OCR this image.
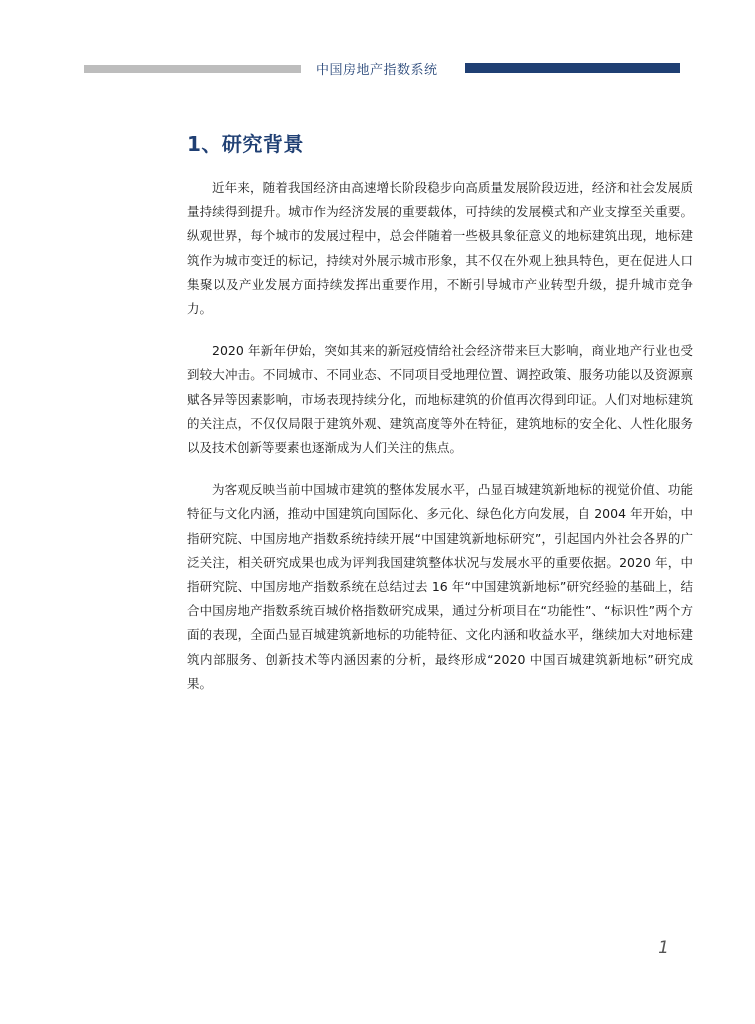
中国房地产指数系统
1、研究背景

近年来，随着我国经济由高速增长阶段稳步向高质量发展阶段迈进，经济和社会发展质量持续得到提升。城市作为经济发展的重要载体，可持续的发展模式和产业支撑至关重要。纵观世界，每个城市的发展过程中，总会伴随着一些极具象征意义的地标建筑出现，地标建筑作为城市变迁的标记，持续对外展示城市形象，其不仅在外观上独具特色，更在促进人口集聚以及产业发展方面持续发挥出重要作用，不断引导城市产业转型升级，提升城市竞争力。

2020 年新年伊始，突如其来的新冠疫情给社会经济带来巨大影响，商业地产行业也受到较大冲击。不同城市、不同业态、不同项目受地理位置、调控政策、服务功能以及资源禀赋各异等因素影响，市场表现持续分化，而地标建筑的价值再次得到印证。人们对地标建筑的关注点，不仅仅局限于建筑外观、建筑高度等外在特征，建筑地标的安全化、人性化服务以及技术创新等要素也逐渐成为人们关注的焦点。

为客观反映当前中国城市建筑的整体发展水平，凸显百城建筑新地标的视觉价值、功能特征与文化内涵，推动中国建筑向国际化、多元化、绿色化方向发展，自 2004 年开始，中指研究院、中国房地产指数系统持续开展“中国建筑新地标研究”，引起国内外社会各界的广泛关注，相关研究成果也成为评判我国建筑整体状况与发展水平的重要依据。2020 年，中指研究院、中国房地产指数系统在总结过去 16 年“中国建筑新地标”研究经验的基础上，结合中国房地产指数系统百城价格指数研究成果，通过分析项目在“功能性”、“标识性”两个方面的表现，全面凸显百城建筑新地标的功能特征、文化内涵和收益水平，继续加大对地标建筑内部服务、创新技术等内涵因素的分析，最终形成“2020 中国百城建筑新地标”研究成果。

1
